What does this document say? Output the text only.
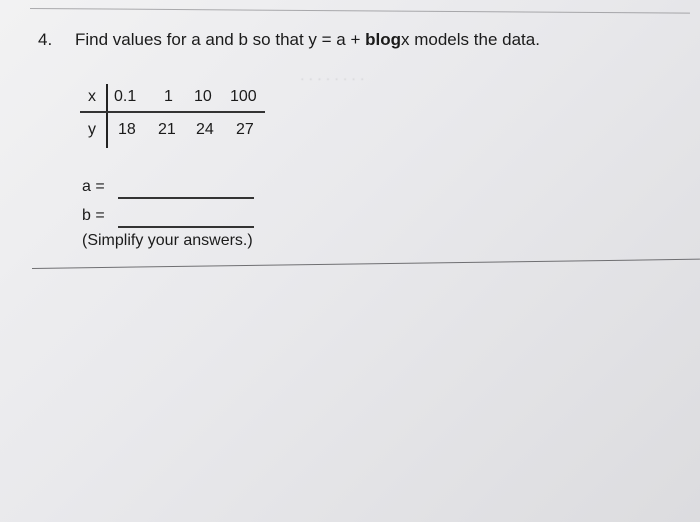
· · · · · · · ·
4. Find values for a and b so that y = a + blogx models the data.
x 0.1 1 10 100
y 18 21 24 27
a =
b =
(Simplify your answers.)
